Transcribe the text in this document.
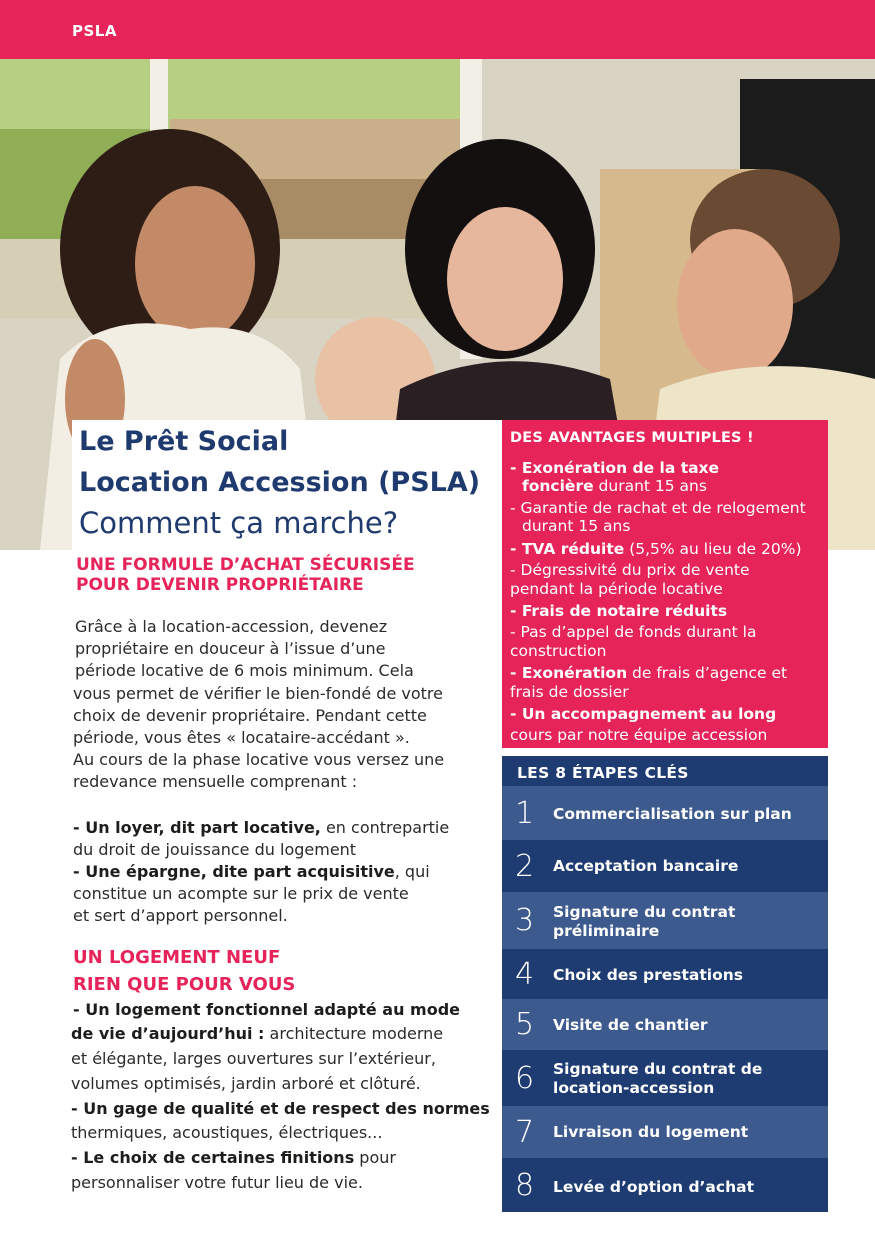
PSLA
Le Prêt Social
Location Accession (PSLA)
Comment ça marche?
UNE FORMULE D’ACHAT SÉCURISÉE
POUR DEVENIR PROPRIÉTAIRE
Grâce à la location-accession, devenez
propriétaire en douceur à l’issue d’une
période locative de 6 mois minimum. Cela
vous permet de vérifier le bien-fondé de votre
choix de devenir propriétaire. Pendant cette
période, vous êtes « locataire-accédant ».
Au cours de la phase locative vous versez une
redevance mensuelle comprenant :
- Un loyer, dit part locative, en contrepartie
du droit de jouissance du logement
- Une épargne, dite part acquisitive, qui
constitue un acompte sur le prix de vente
et sert d’apport personnel.
UN LOGEMENT NEUF
RIEN QUE POUR VOUS
- Un logement fonctionnel adapté au mode
de vie d’aujourd’hui : architecture moderne
et élégante, larges ouvertures sur l’extérieur,
volumes optimisés, jardin arboré et clôturé.
- Un gage de qualité et de respect des normes
thermiques, acoustiques, électriques...
- Le choix de certaines finitions pour
personnaliser votre futur lieu de vie.
DES AVANTAGES MULTIPLES !
- Exonération de la taxe
foncière durant 15 ans
- Garantie de rachat et de relogement
durant 15 ans
- TVA réduite (5,5% au lieu de 20%)
- Dégressivité du prix de vente
pendant la période locative
- Frais de notaire réduits
- Pas d’appel de fonds durant la
construction
- Exonération de frais d’agence et
frais de dossier
- Un accompagnement au long
cours par notre équipe accession
LES 8 ÉTAPES CLÉS
1 Commercialisation sur plan
2 Acceptation bancaire
3 Signature du contrat
préliminaire
4 Choix des prestations
5 Visite de chantier
6 Signature du contrat de
location-accession
7 Livraison du logement
8 Levée d’option d’achat
